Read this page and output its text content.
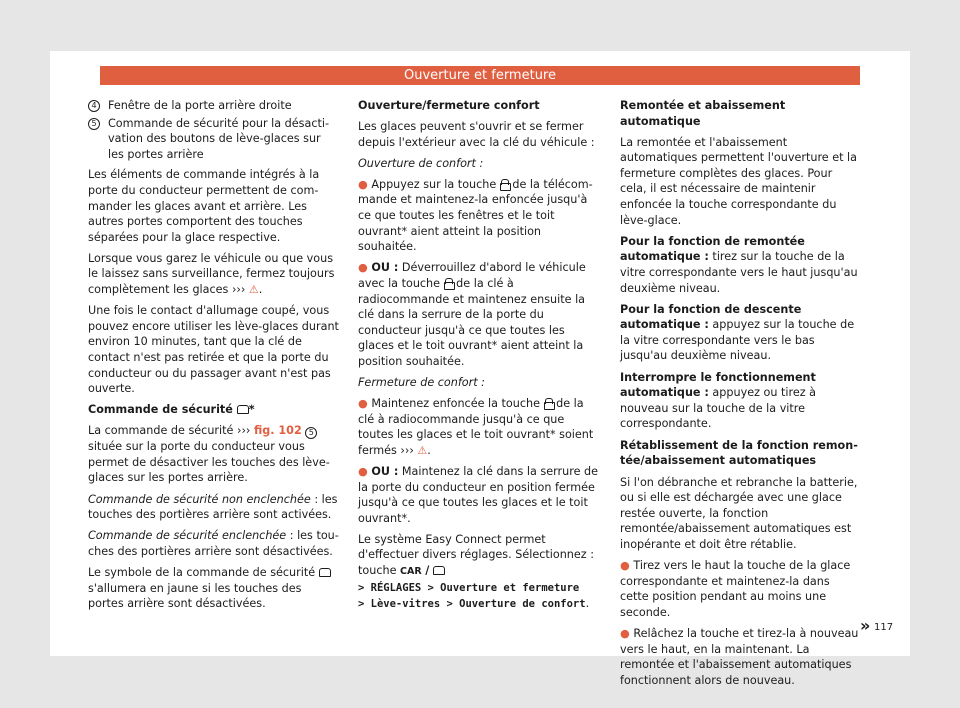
Ouverture et fermeture
4	Fenêtre de la porte arrière droite
5	Commande de sécurité pour la désactivation des boutons de lève-glaces sur les portes arrière

Les éléments de commande intégrés à la porte du conducteur permettent de commander les glaces avant et arrière. Les autres portes comportent des touches séparées pour la glace respective.

Lorsque vous garez le véhicule ou que vous le laissez sans surveillance, fermez toujours complètement les glaces ››› ⚠.

Une fois le contact d'allumage coupé, vous pouvez encore utiliser les lève-glaces durant environ 10 minutes, tant que la clé de contact n'est pas retirée et que la porte du conducteur ou du passager avant n'est pas ouverte.

Commande de sécurité *

La commande de sécurité ››› fig. 102 5 située sur la porte du conducteur vous permet de désactiver les touches des lève-glaces sur les portes arrière.

Commande de sécurité non enclenchée : les touches des portières arrière sont activées.

Commande de sécurité enclenchée : les touches des portières arrière sont désactivées.

Le symbole de la commande de sécurité  s'allumera en jaune si les touches des portes arrière sont désactivées.

Ouverture/fermeture confort

Les glaces peuvent s'ouvrir et se fermer depuis l'extérieur avec la clé du véhicule :

Ouverture de confort :

● Appuyez sur la touche de la télécommande et maintenez-la enfoncée jusqu'à ce que toutes les fenêtres et le toit ouvrant* aient atteint la position souhaitée.

● OU : Déverrouillez d'abord le véhicule avec la touche de la clé à radiocommande et maintenez ensuite la clé dans la serrure de la porte du conducteur jusqu'à ce que toutes les glaces et le toit ouvrant* aient atteint la position souhaitée.

Fermeture de confort :

● Maintenez enfoncée la touche de la clé à radiocommande jusqu'à ce que toutes les glaces et le toit ouvrant* soient fermés ››› ⚠.

● OU : Maintenez la clé dans la serrure de la porte du conducteur en position fermée jusqu'à ce que toutes les glaces et le toit ouvrant*.

Le système Easy Connect permet d'effectuer divers réglages. Sélectionnez : touche CAR /
> RÉGLAGES > Ouverture et fermeture
> Lève-vitres > Ouverture de confort.

Remontée et abaissement automatique

La remontée et l'abaissement automatiques permettent l'ouverture et la fermeture complètes des glaces. Pour cela, il est nécessaire de maintenir enfoncée la touche correspondante du lève-glace.

Pour la fonction de remontée automatique : tirez sur la touche de la vitre correspondante vers le haut jusqu'au deuxième niveau.

Pour la fonction de descente automatique : appuyez sur la touche de la vitre correspondante vers le bas jusqu'au deuxième niveau.

Interrompre le fonctionnement automatique : appuyez ou tirez à nouveau sur la touche de la vitre correspondante.

Rétablissement de la fonction remontée/abaissement automatiques

Si l'on débranche et rebranche la batterie, ou si elle est déchargée avec une glace restée ouverte, la fonction remontée/abaissement automatiques est inopérante et doit être rétablie.

● Tirez vers le haut la touche de la glace correspondante et maintenez-la dans cette position pendant au moins une seconde.

● Relâchez la touche et tirez-la à nouveau vers le haut, en la maintenant. La remontée et l'abaissement automatiques fonctionnent alors de nouveau.

» 117
